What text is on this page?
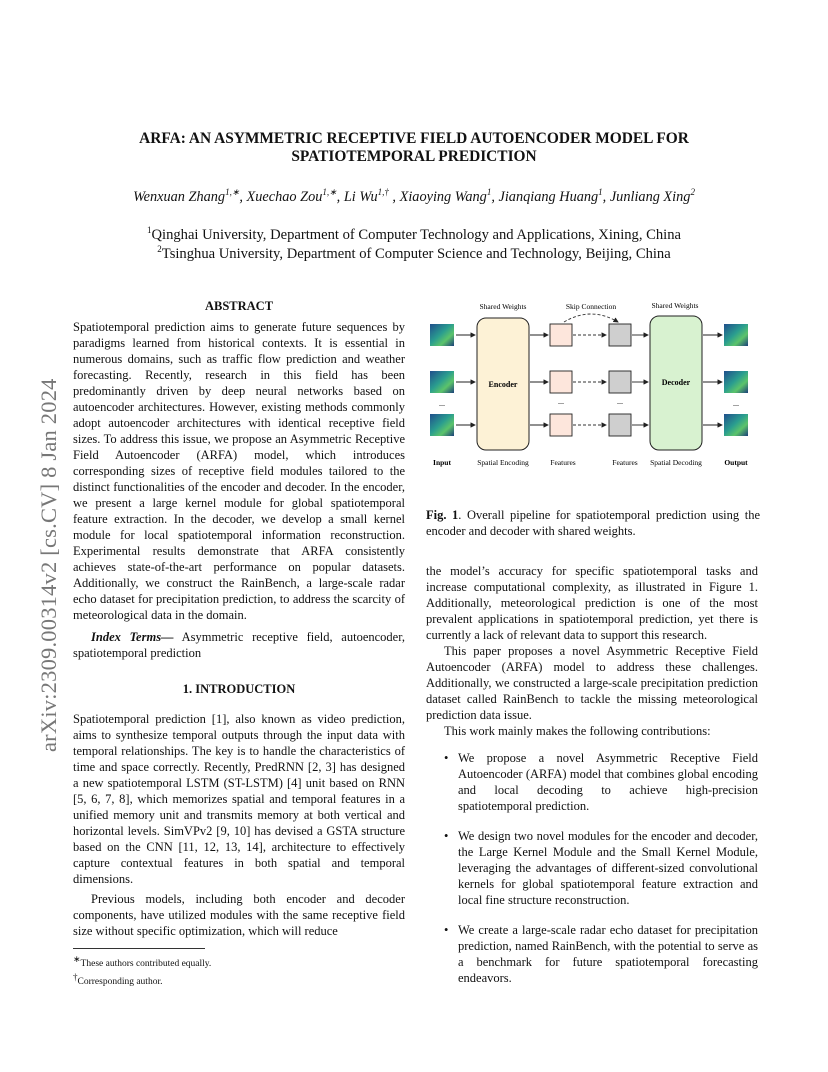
arXiv:2309.00314v2 [cs.CV] 8 Jan 2024
ARFA: AN ASYMMETRIC RECEPTIVE FIELD AUTOENCODER MODEL FOR
SPATIOTEMPORAL PREDICTION
Wenxuan Zhang$^{1,∗}$, Xuechao Zou$^{1,∗}$, Li $Wu^{1,\dagger}$ , Xiaoying Wang$^1$, Jianqiang Huang$^1$, Junliang Xing$^2$
$^1$Qinghai University, Department of Computer Technology and Applications, Xining, China
$^2$Tsinghua University, Department of Computer Science and Technology, Beijing, China

ABSTRACT

Spatiotemporal prediction aims to generate future sequences by paradigms learned from historical contexts. It is essential in numerous domains, such as traffic flow prediction and weather forecasting. Recently, research in this field has been predominantly driven by deep neural networks based on autoencoder architectures. However, existing methods commonly adopt autoencoder architectures with identical receptive field sizes. To address this issue, we propose an Asymmetric Receptive Field Autoencoder (ARFA) model, which introduces corresponding sizes of receptive field modules tailored to the distinct functionalities of the encoder and decoder. In the encoder, we present a large kernel module for global spatiotemporal feature extraction. In the decoder, we develop a small kernel module for local spatiotemporal information reconstruction. Experimental results demonstrate that ARFA consistently achieves state-of-the-art performance on popular datasets. Additionally, we construct the RainBench, a large-scale radar echo dataset for precipitation prediction, to address the scarcity of meteorological data in the domain.

Index Terms— Asymmetric receptive field, autoencoder, spatiotemporal prediction

1. INTRODUCTION

Spatiotemporal prediction [1], also known as video prediction, aims to synthesize temporal outputs through the input data with temporal relationships. The key is to handle the characteristics of time and space correctly. Recently, PredRNN [2, 3] has designed a new spatiotemporal LSTM (ST-LSTM) [4] unit based on RNN [5, 6, 7, 8], which memorizes spatial and temporal features in a unified memory unit and transmits memory at both vertical and horizontal levels. SimVPv2 [9, 10] has devised a GSTA structure based on the CNN [11, 12, 13, 14], architecture to effectively capture contextual features in both spatial and temporal dimensions.

Previous models, including both encoder and decoder components, have utilized modules with the same receptive field size without specific optimization, which will reduce

∗These authors contributed equally.
†Corresponding author.
Shared Weights	Skip Connection	Shared Weights
...
Encoder
...	...
Decoder
...
Input	Spatial Encoding	Features	Features Spatial Decoding	Output
Fig. 1. Overall pipeline for spatiotemporal prediction using the encoder and decoder with shared weights.

the model’s accuracy for specific spatiotemporal tasks and increase computational complexity, as illustrated in Figure 1. Additionally, meteorological prediction is one of the most prevalent applications in spatiotemporal prediction, yet there is currently a lack of relevant data to support this research.

This paper proposes a novel Asymmetric Receptive Field Autoencoder (ARFA) model to address these challenges. Additionally, we constructed a large-scale precipitation prediction dataset called RainBench to tackle the missing meteorological prediction data issue.

This work mainly makes the following contributions:

• We propose a novel Asymmetric Receptive Field Autoencoder (ARFA) model that combines global encoding and local decoding to achieve high-precision spatiotemporal prediction.
• We design two novel modules for the encoder and decoder, the Large Kernel Module and the Small Kernel Module, leveraging the advantages of different-sized convolutional kernels for global spatiotemporal feature extraction and local fine structure reconstruction.
• We create a large-scale radar echo dataset for precipitation prediction, named RainBench, with the potential to serve as a benchmark for future spatiotemporal forecasting endeavors.
